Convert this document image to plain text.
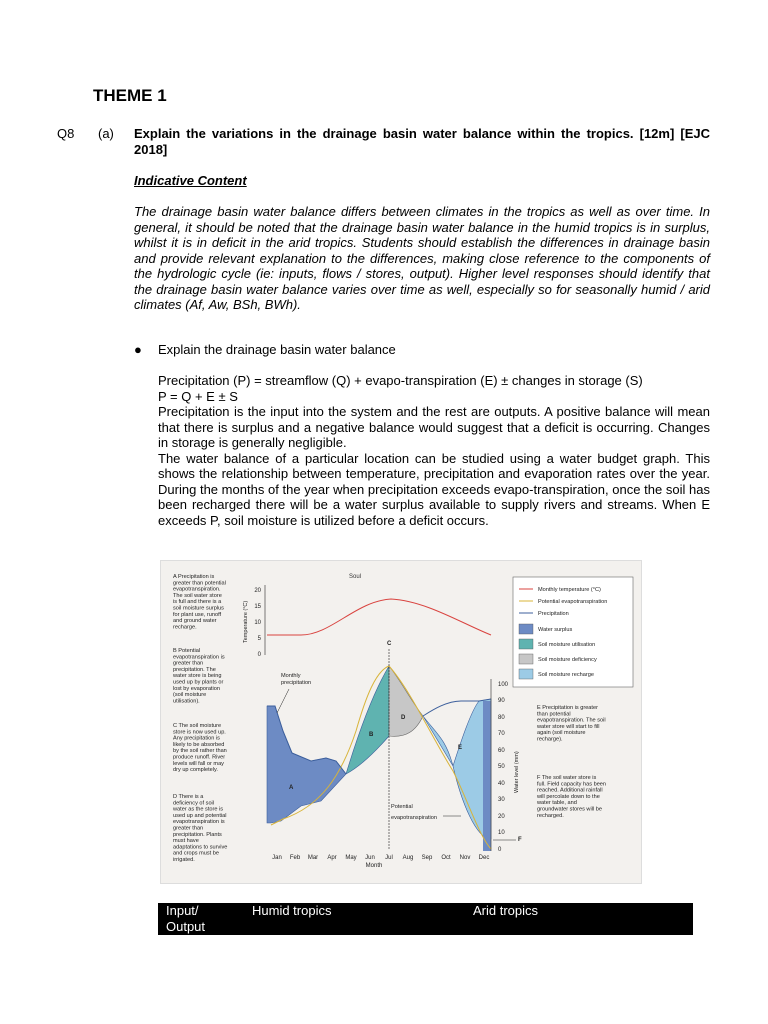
THEME 1
Q8 (a) Explain the variations in the drainage basin water balance within the tropics. [12m] [EJC 2018]
Indicative Content
The drainage basin water balance differs between climates in the tropics as well as over time. In general, it should be noted that the drainage basin water balance in the humid tropics is in surplus, whilst it is in deficit in the arid tropics. Students should establish the differences in drainage basin and provide relevant explanation to the differences, making close reference to the components of the hydrologic cycle (ie: inputs, flows / stores, output). Higher level responses should identify that the drainage basin water balance varies over time as well, especially so for seasonally humid / arid climates (Af, Aw, BSh, BWh).
● Explain the drainage basin water balance

Precipitation (P) = streamflow (Q) + evapo-transpiration (E) ± changes in storage (S)

P = Q + E ± S

Precipitation is the input into the system and the rest are outputs. A positive balance will mean that there is surplus and a negative balance would suggest that a deficit is occurring. Changes in storage is generally negligible.

The water balance of a particular location can be studied using a water budget graph. This shows the relationship between temperature, precipitation and evaporation rates over the year. During the months of the year when precipitation exceeds evapo-transpiration, once the soil has been recharged there will be a water surplus available to supply rivers and streams. When E exceeds P, soil moisture is utilized before a deficit occurs.

A Precipitation is greater than potential evapotranspiration. The soil water store is full and there is a soil moisture surplus for plant use, runoff and ground water recharge.
B Potential evapotranspiration is greater than precipitation. The water store is being used up by plants or lost by evaporation (soil moisture utilisation).
C The soil moisture store is now used up. Any precipitation is likely to be absorbed by the soil rather than produce runoff. River levels will fall or may dry up completely.
D There is a deficiency of soil water as the store is used up and potential evapotranspiration is greater than precipitation. Plants must have adaptations to survive and crops must be irrigated.
E Precipitation is greater than potential evapotranspiration. The soil water store will start to fill again (soil moisture recharge).
F The soil water store is full. Field capacity has been reached. Additional rainfall will percolate down to the water table, and groundwater stores will be recharged.
Soul
20
15
10
5
0
Temperature (°C)
A
B
C
D
E
F
100
90
80
70
60
50
40
30
20
10
0
Water level (mm)
Jan Feb Mar Apr May Jun Jul Aug Sep Oct Nov Dec
Month
Monthly precipitation
Potential evapotranspiration
Monthly temperature (°C)
Potential evapotranspiration
Precipitation
Water surplus
Soil moisture utilisation
Soil moisture deficiency
Soil moisture recharge
Input/
Output
Humid tropics	Arid tropics
